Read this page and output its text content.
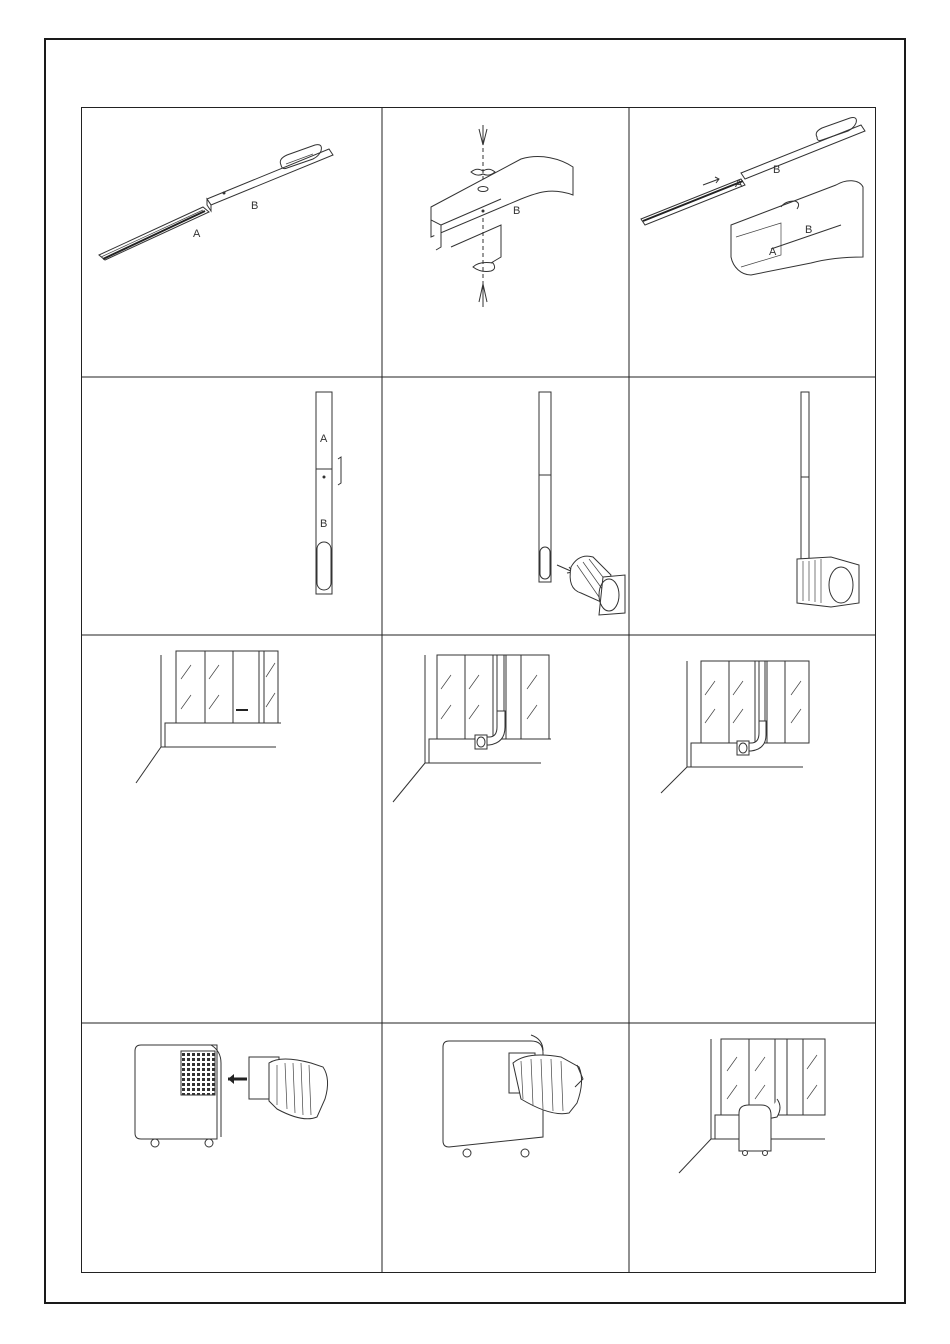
A
B	B
A
B
A
B
A
B
